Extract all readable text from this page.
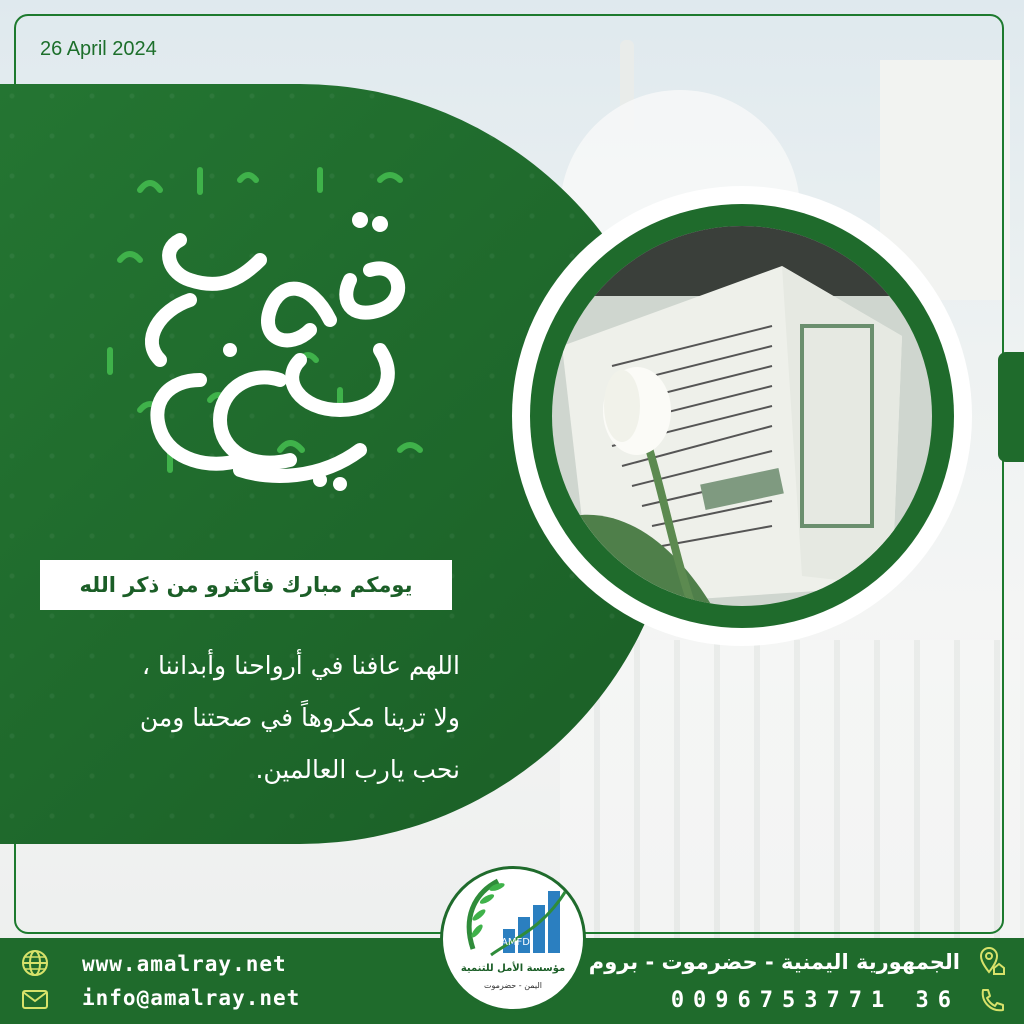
26 April 2024
يومكم مبارك فأكثرو من ذكر الله
اللهم عافنا في أرواحنا وأبداننا ،
ولا ترينا مكروهاً في صحتنا ومن
نحب يارب العالمين.
www.amalray.net
info@amalray.net
الجمهورية اليمنية - حضرموت - بروم
0096753771 36
AMFD
مؤسسة الأمل للتنمية
اليمن - حضرموت
